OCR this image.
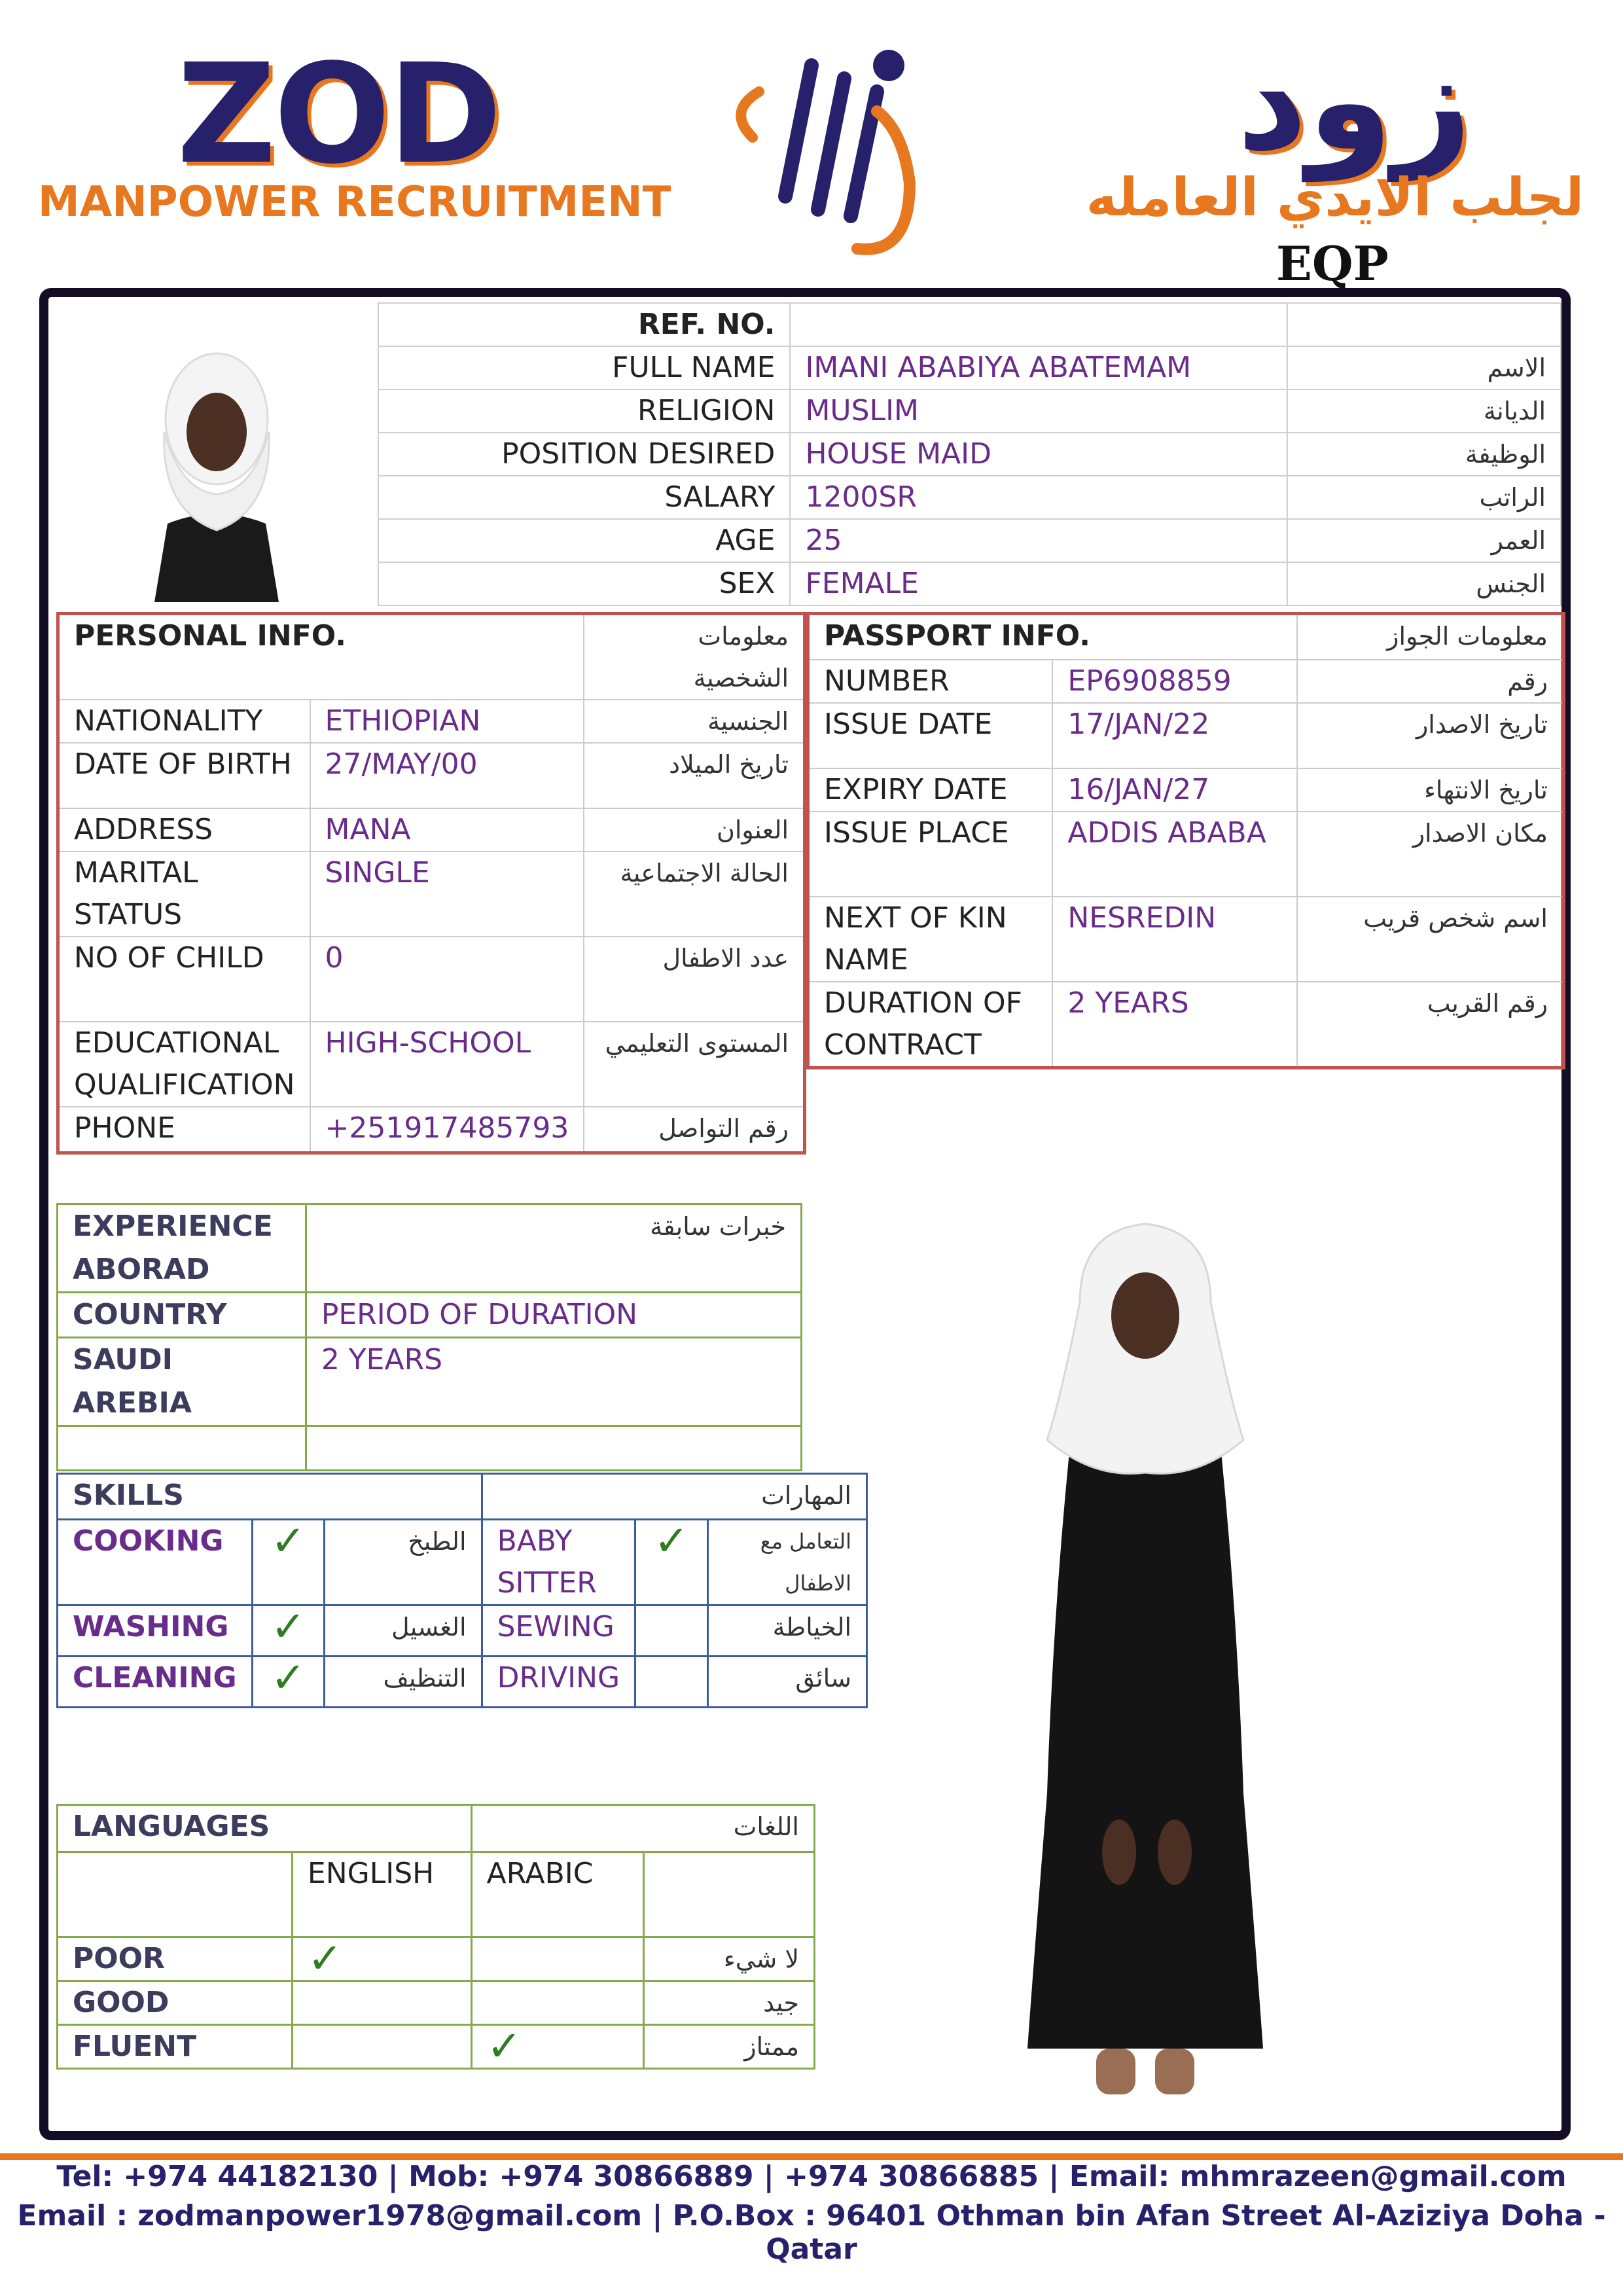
ZOD
MANPOWER RECRUITMENT
زود
لجلب الايدي العامله
EQP
	REF. NO.		
	FULL NAME	IMANI ABABIYA ABATEMAM	الاسم
	RELIGION	MUSLIM	الديانة
	POSITION DESIRED	HOUSE MAID	الوظيفة
	SALARY	1200SR	الراتب
	AGE	25	العمر
	SEX	FEMALE	الجنس
PERSONAL INFO.		معلومات الشخصية
NATIONALITY	ETHIOPIAN	الجنسية
DATE OF BIRTH	27/MAY/00	تاريخ الميلاد
ADDRESS	MANA	العنوان
MARITAL STATUS	SINGLE	الحالة الاجتماعية
NO OF CHILD	0	عدد الاطفال
EDUCATIONAL QUALIFICATION	HIGH-SCHOOL	المستوى التعليمي
PHONE	+251917485793	رقم التواصل
PASSPORT INFO.		معلومات الجواز
NUMBER	EP6908859	رقم
ISSUE DATE	17/JAN/22	تاريخ الاصدار
EXPIRY DATE	16/JAN/27	تاريخ الانتهاء
ISSUE PLACE	ADDIS ABABA	مكان الاصدار
NEXT OF KIN NAME	NESREDIN	اسم شخص قريب
DURATION OF CONTRACT	2 YEARS	رقم القريب
EXPERIENCE ABORAD	خبرات سابقة
COUNTRY	PERIOD OF DURATION
SAUDI AREBIA	2 YEARS

SKILLS			المهارات		
COOKING	✓	الطبخ	BABY SITTER	✓	التعامل مع الاطفال
WASHING	✓	الغسيل	SEWING		الخياطة
CLEANING	✓	التنظيف	DRIVING		سائق
LANGUAGES		اللغات	
	ENGLISH	ARABIC	
POOR	✓		لا شيء
GOOD			جيد
FLUENT		✓	ممتاز
Tel: +974 44182130 | Mob: +974 30866889 | +974 30866885 | Email: mhmrazeen@gmail.com
Email : zodmanpower1978@gmail.com | P.O.Box : 96401 Othman bin Afan Street Al-Aziziya Doha - Qatar
